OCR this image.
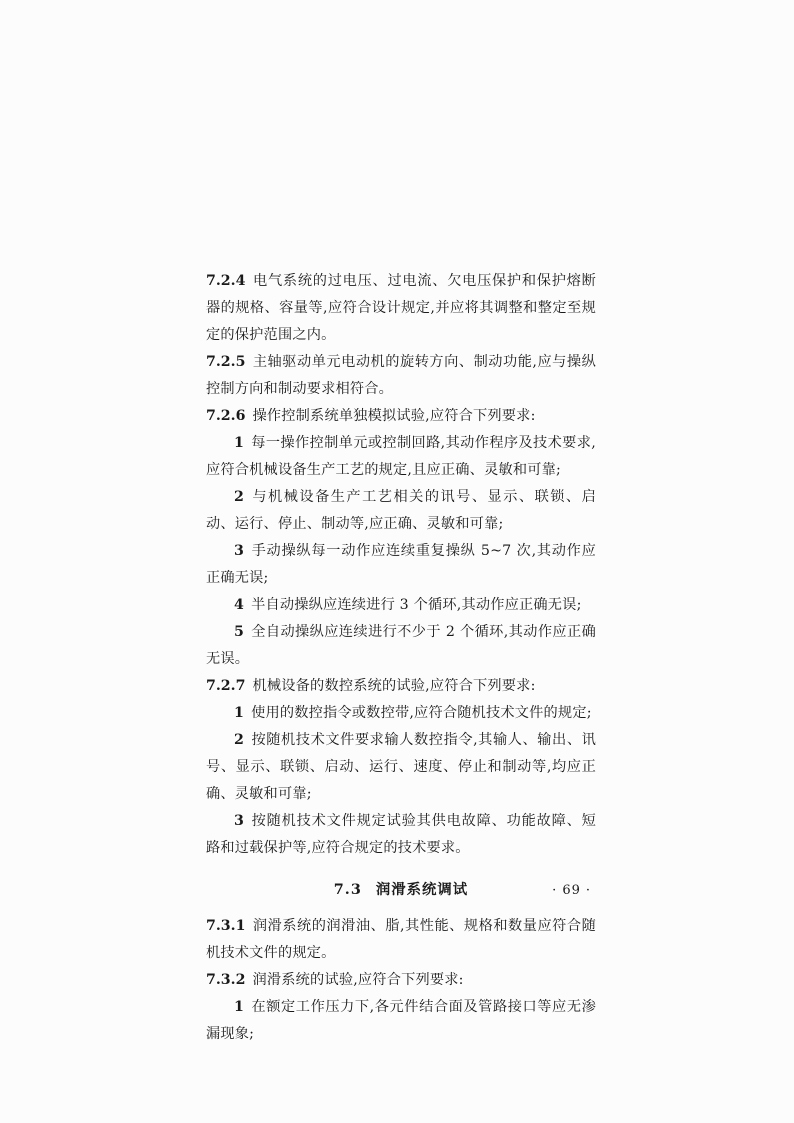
7.2.4 电气系统的过电压、过电流、欠电压保护和保护熔断器的规格、容量等,应符合设计规定,并应将其调整和整定至规定的保护范围之内。

7.2.5 主轴驱动单元电动机的旋转方向、制动功能,应与操纵控制方向和制动要求相符合。

7.2.6 操作控制系统单独模拟试验,应符合下列要求:

1 每一操作控制单元或控制回路,其动作程序及技术要求,应符合机械设备生产工艺的规定,且应正确、灵敏和可靠;

2 与机械设备生产工艺相关的讯号、显示、联锁、启动、运行、停止、制动等,应正确、灵敏和可靠;

3 手动操纵每一动作应连续重复操纵 5~7 次,其动作应正确无误;

4 半自动操纵应连续进行 3 个循环,其动作应正确无误;

5 全自动操纵应连续进行不少于 2 个循环,其动作应正确无误。

7.2.7 机械设备的数控系统的试验,应符合下列要求:

1 使用的数控指令或数控带,应符合随机技术文件的规定;

2 按随机技术文件要求输人数控指令,其输人、输出、讯号、显示、联锁、启动、运行、速度、停止和制动等,均应正确、灵敏和可靠;

3 按随机技术文件规定试验其供电故障、功能故障、短路和过载保护等,应符合规定的技术要求。

7.3 润滑系统调试

7.3.1 润滑系统的润滑油、脂,其性能、规格和数量应符合随机技术文件的规定。

7.3.2 润滑系统的试验,应符合下列要求:

1 在额定工作压力下,各元件结合面及管路接口等应无渗漏现象;

· 69 ·
